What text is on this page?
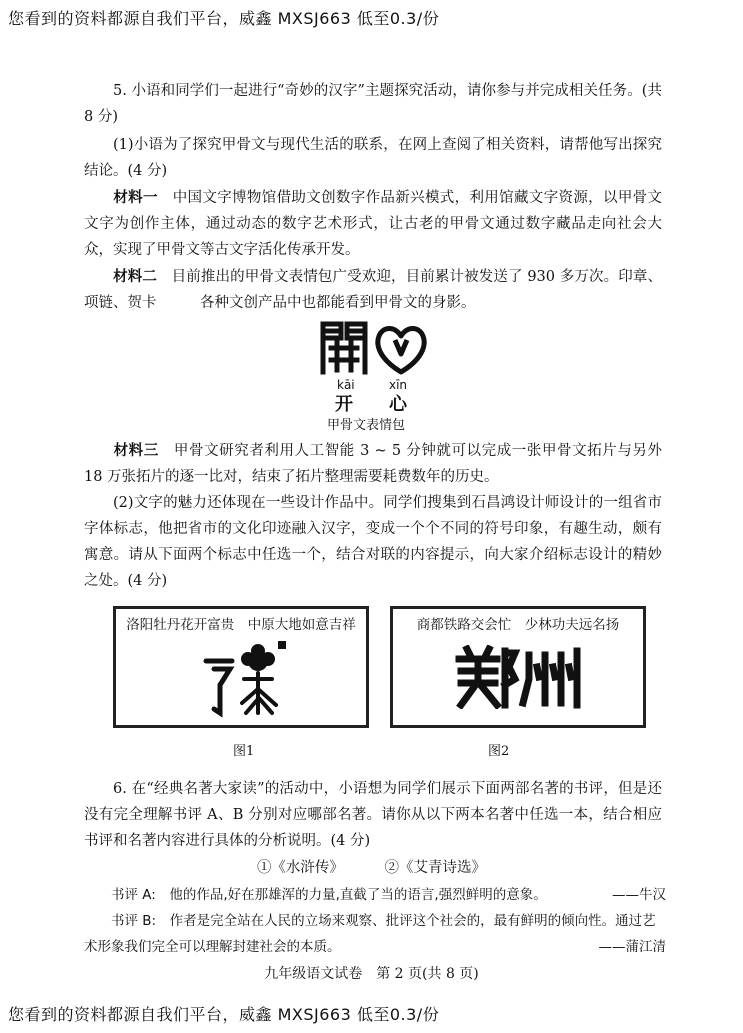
您看到的资料都源自我们平台，威鑫 MXSJ663 低至0.3/份
5. 小语和同学们一起进行“奇妙的汉字”主题探究活动，请你参与并完成相关任务。(共 8 分)
(1)小语为了探究甲骨文与现代生活的联系，在网上查阅了相关资料，请帮他写出探究结论。(4 分)
材料一　 中国文字博物馆借助文创数字作品新兴模式，利用馆藏文字资源，以甲骨文文字为创作主体，通过动态的数字艺术形式，让古老的甲骨文通过数字藏品走向社会大众，实现了甲骨文等古文字活化传承开发。
材料二　 目前推出的甲骨文表情包广受欢迎，目前累计被发送了 930 多万次。印章、项链、贺卡　　　各种文创产品中也都能看到甲骨文的身影。
kāi	xīn
开 心
甲骨文表情包
材料三　 甲骨文研究者利用人工智能 3 ~ 5 分钟就可以完成一张甲骨文拓片与另外 18 万张拓片的逐一比对，结束了拓片整理需要耗费数年的历史。
(2)文字的魅力还体现在一些设计作品中。同学们搜集到石昌鸿设计师设计的一组省市字体标志，他把省市的文化印迹融入汉字，变成一个个不同的符号印象，有趣生动，颇有寓意。请从下面两个标志中任选一个，结合对联的内容提示，向大家介绍标志设计的精妙之处。(4 分)
洛阳牡丹花开富贵　中原大地如意吉祥
图1
商都铁路交会忙　少林功夫远名扬
图2
6. 在“经典名著大家读”的活动中，小语想为同学们展示下面两部名著的书评，但是还没有完全理解书评 A、B 分别对应哪部名著。请你从以下两本名著中任选一本，结合相应书评和名著内容进行具体的分析说明。(4 分)
①《水浒传》	②《艾青诗选》
书评 A:　他的作品,好在那雄浑的力量,直截了当的语言,强烈鲜明的意象。	——牛汉
书评 B:　作者是完全站在人民的立场来观察、批评这个社会的，最有鲜明的倾向性。通过艺术形象我们完全可以理解封建社会的本质。	——蒲江清
九年级语文试卷　第 2 页(共 8 页)
您看到的资料都源自我们平台，威鑫 MXSJ663 低至0.3/份
